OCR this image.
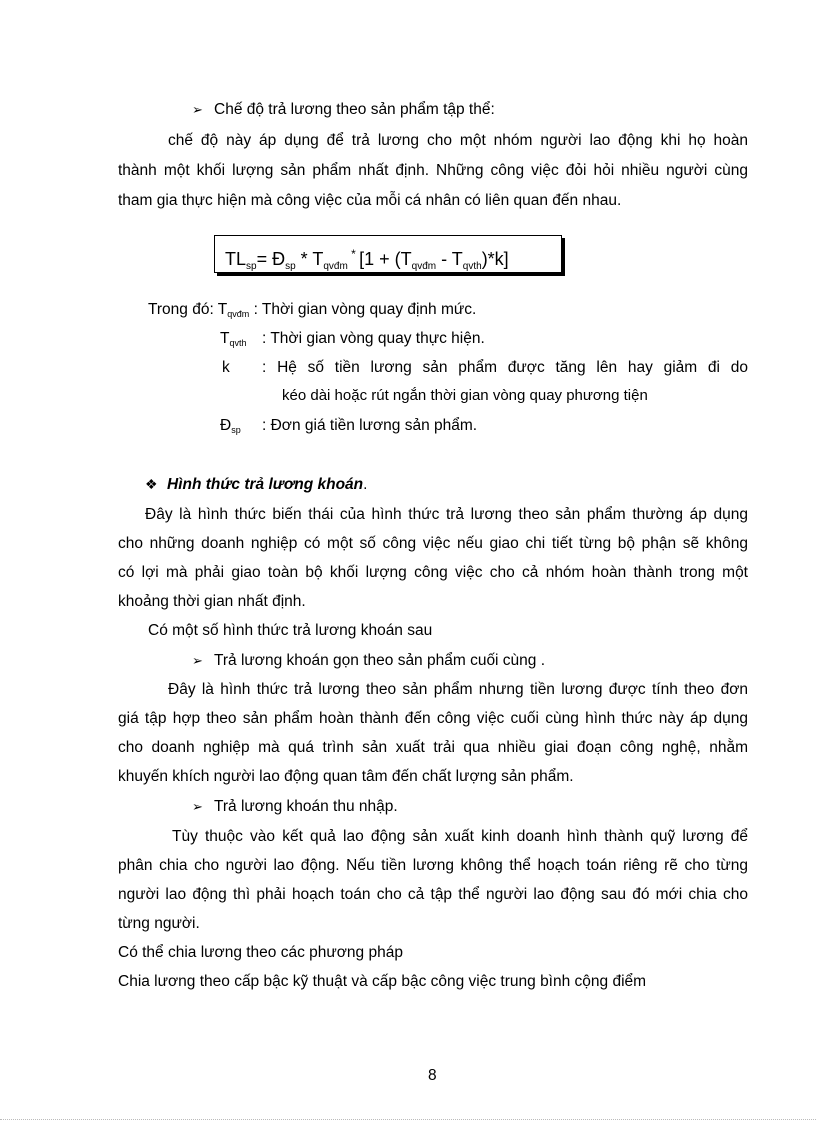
➢ Chế độ trả lương theo sản phẩm tập thể:
chế độ này áp dụng để trả lương cho một nhóm người lao động khi họ hoàn
thành một khối lượng sản phẩm nhất định. Những công việc đỏi hỏi nhiều người cùng
tham gia thực hiện mà công việc của mỗi cá nhân có liên quan đến nhau.
$TL_{sp}=$ $Đ_{sp} * T_{qvđm}$ * $[1 + (T_{qvđm} - T_{qvth})*k]$
Trong đó: $T_{qvđm}$ : Thời gian vòng quay định mức.
$T_{qvth}$ : Thời gian vòng quay thực hiện.
k : Hệ số tiền lương sản phẩm được tăng lên hay giảm đi do
kéo dài hoặc rút ngắn thời gian vòng quay phương tiện
$Đ_{sp}$ : Đơn giá tiền lương sản phẩm.
❖ Hình thức trả lương khoán.
Đây là hình thức biến thái của hình thức trả lương theo sản phẩm thường áp dụng
cho những doanh nghiệp có một số công việc nếu giao chi tiết từng bộ phận sẽ không
có lợi mà phải giao toàn bộ khối lượng công việc cho cả nhóm hoàn thành trong một
khoảng thời gian nhất định.
Có một số hình thức trả lương khoán sau
➢ Trả lương khoán gọn theo sản phẩm cuối cùng .
Đây là hình thức trả lương theo sản phẩm nhưng tiền lương được tính theo đơn
giá tập hợp theo sản phẩm hoàn thành đến công việc cuối cùng hình thức này áp dụng
cho doanh nghiệp mà quá trình sản xuất trải qua nhiều giai đoạn công nghệ, nhằm
khuyến khích người lao động quan tâm đến chất lượng sản phẩm.
➢ Trả lương khoán thu nhập.
Tùy thuộc vào kết quả lao động sản xuất kinh doanh hình thành quỹ lương để
phân chia cho người lao động. Nếu tiền lương không thể hoạch toán riêng rẽ cho từng
người lao động thì phải hoạch toán cho cả tập thể người lao động sau đó mới chia cho
từng người.
Có thể chia lương theo các phương pháp
Chia lương theo cấp bậc kỹ thuật và cấp bậc công việc trung bình cộng điểm
8
